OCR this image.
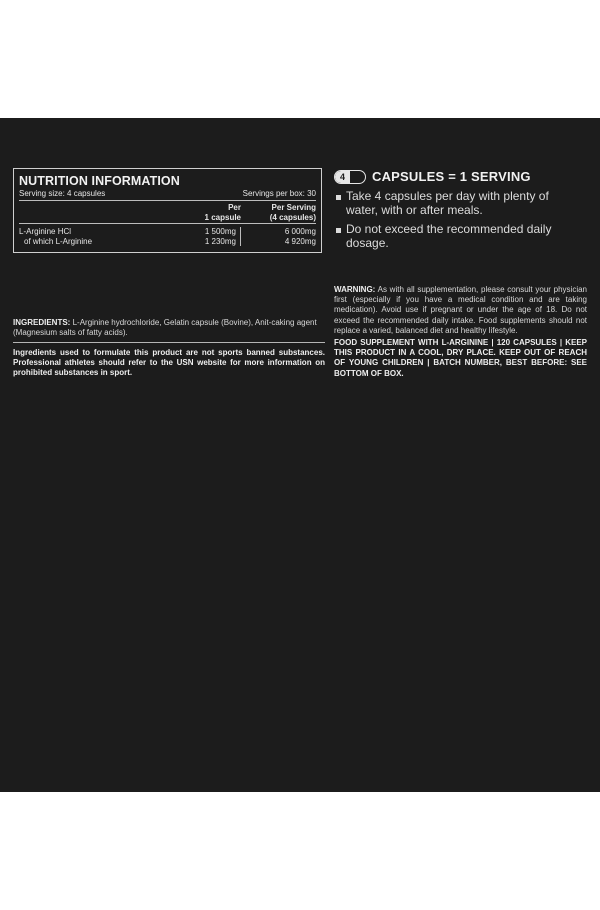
NUTRITION INFORMATION
Serving size: 4 capsules	Servings per box: 30
Per
1 capsule
Per Serving
(4 capsules)
L-Arginine HCl	1 500mg	6 000mg
of which L-Arginine	1 230mg	4 920mg
4	CAPSULES = 1 SERVING
Take 4 capsules per day with plenty of water, with or after meals.
Do not exceed the recommended daily dosage.
WARNING: As with all supplementation, please consult your physician first (especially if you have a medical condition and are taking medication). Avoid use if pregnant or under the age of 18. Do not exceed the recommended daily intake. Food supplements should not replace a varied, balanced diet and healthy lifestyle.
FOOD SUPPLEMENT WITH L-ARGININE | 120 CAPSULES | KEEP THIS PRODUCT IN A COOL, DRY PLACE. KEEP OUT OF REACH OF YOUNG CHILDREN | BATCH NUMBER, BEST BEFORE: SEE BOTTOM OF BOX.
INGREDIENTS: L-Arginine hydrochloride, Gelatin capsule (Bovine), Anit-caking agent (Magnesium salts of fatty acids).
Ingredients used to formulate this product are not sports banned substances. Professional athletes should refer to the USN website for more information on prohibited substances in sport.
